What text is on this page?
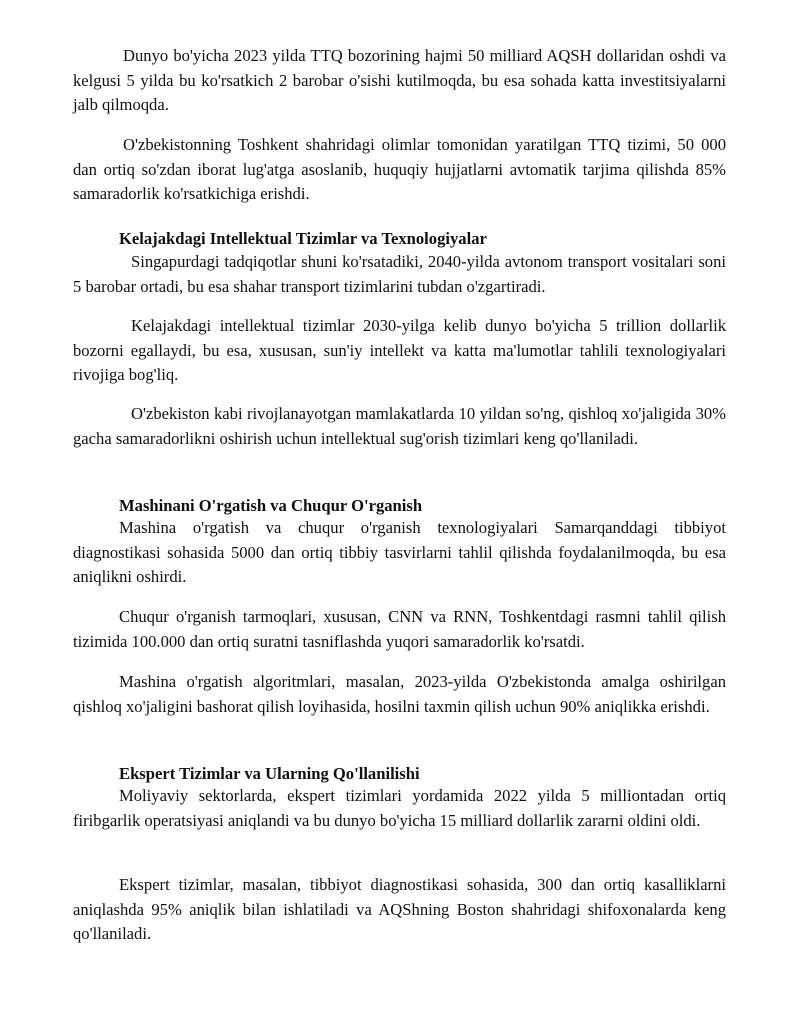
Dunyo bo'yicha 2023 yilda TTQ bozorining hajmi 50 milliard AQSH dollaridan oshdi va kelgusi 5 yilda bu ko'rsatkich 2 barobar o'sishi kutilmoqda, bu esa sohada katta investitsiyalarni jalb qilmoqda.

O'zbekistonning Toshkent shahridagi olimlar tomonidan yaratilgan TTQ tizimi, 50 000 dan ortiq so'zdan iborat lug'atga asoslanib, huquqiy hujjatlarni avtomatik tarjima qilishda 85% samaradorlik ko'rsatkichiga erishdi.

Kelajakdagi Intellektual Tizimlar va Texnologiyalar

Singapurdagi tadqiqotlar shuni ko'rsatadiki, 2040-yilda avtonom transport vositalari soni 5 barobar ortadi, bu esa shahar transport tizimlarini tubdan o'zgartiradi.

Kelajakdagi intellektual tizimlar 2030-yilga kelib dunyo bo'yicha 5 trillion dollarlik bozorni egallaydi, bu esa, xususan, sun'iy intellekt va katta ma'lumotlar tahlili texnologiyalari rivojiga bog'liq.

O'zbekiston kabi rivojlanayotgan mamlakatlarda 10 yildan so'ng, qishloq xo'jaligida 30% gacha samaradorlikni oshirish uchun intellektual sug'orish tizimlari keng qo'llaniladi.

Mashinani O'rgatish va Chuqur O'rganish

Mashina o'rgatish va chuqur o'rganish texnologiyalari Samarqanddagi tibbiyot diagnostikasi sohasida 5000 dan ortiq tibbiy tasvirlarni tahlil qilishda foydalanilmoqda, bu esa aniqlikni oshirdi.

Chuqur o'rganish tarmoqlari, xususan, CNN va RNN, Toshkentdagi rasmni tahlil qilish tizimida 100.000 dan ortiq suratni tasniflashda yuqori samaradorlik ko'rsatdi.

Mashina o'rgatish algoritmlari, masalan, 2023-yilda O'zbekistonda amalga oshirilgan qishloq xo'jaligini bashorat qilish loyihasida, hosilni taxmin qilish uchun 90% aniqlikka erishdi.

Ekspert Tizimlar va Ularning Qo'llanilishi

Moliyaviy sektorlarda, ekspert tizimlari yordamida 2022 yilda 5 milliontadan ortiq firibgarlik operatsiyasi aniqlandi va bu dunyo bo'yicha 15 milliard dollarlik zararni oldini oldi.

Ekspert tizimlar, masalan, tibbiyot diagnostikasi sohasida, 300 dan ortiq kasalliklarni aniqlashda 95% aniqlik bilan ishlatiladi va AQShning Boston shahridagi shifoxonalarda keng qo'llaniladi.
